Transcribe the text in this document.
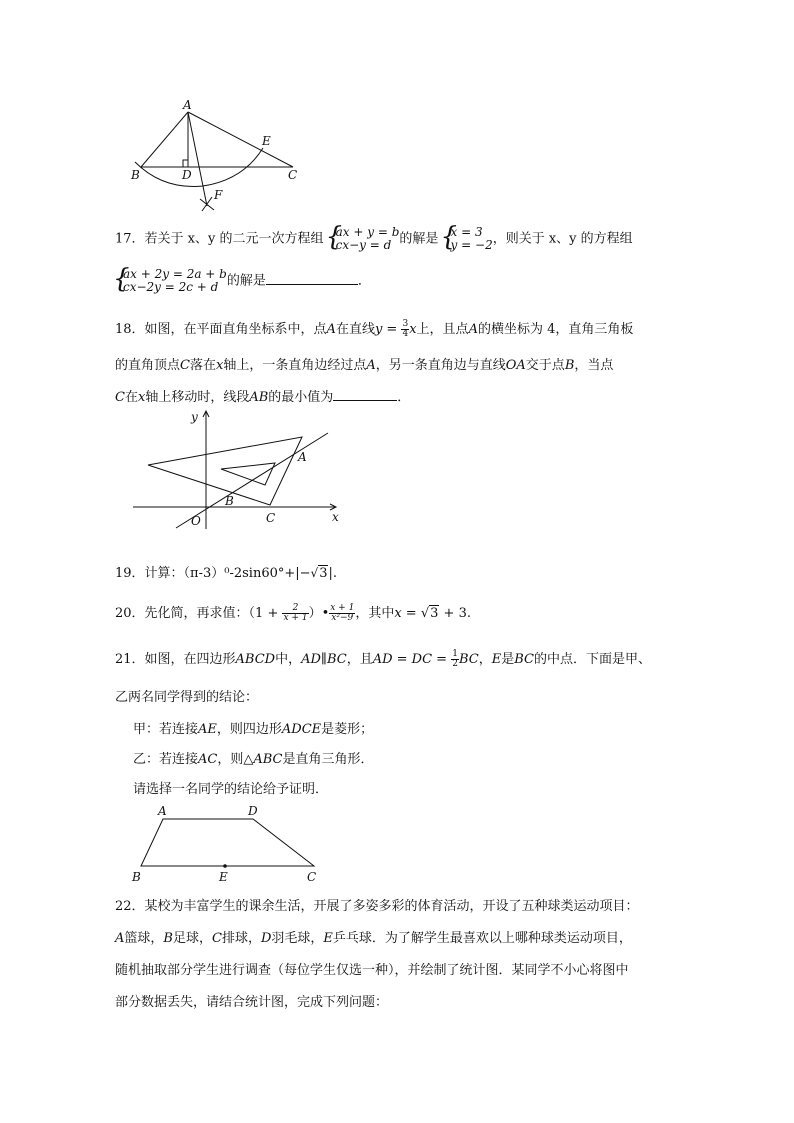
A
B	D	C
E
F
17．若关于 x、y 的二元一次方程组 { ax + y = b
cx−y = d 的解是 { x = 3
y = −2，则关于 x、y 的方程组
{ ax + 2y = 2a + b
cx−2y = 2c + d 的解是	．
18．如图，在平面直角坐标系中，点A在直线$y = \frac{3}{4}$ x上，且点A的横坐标为 4，直角三角板
的直角顶点C落在x轴上，一条直角边经过点A，另一条直角边与直线OA交于点B，当点
C在x轴上移动时，线段AB的最小值为	．
y
x
O
B
C
A
19．计算：（π-3）⁰-2sin60°+|−√3|.
20．先化简，再求值：（$1 + \frac{2}{x + 1}$ ）• $\frac{x + 1}{\text{x²−9}}$ ，其中x = √3 + 3.
21．如图，在四边形ABCD中，AD∥BC，且AD = DC = $\frac{1}{2}$ BC，E是BC的中点．下面是甲、
乙两名同学得到的结论：
甲：若连接AE，则四边形ADCE是菱形；
乙：若连接AC，则△ABC是直角三角形．
请选择一名同学的结论给予证明．
A	D
B	E	C
22．某校为丰富学生的课余生活，开展了多姿多彩的体育活动，开设了五种球类运动项目：
A篮球，B足球，C排球，D羽毛球，E乒乓球．为了解学生最喜欢以上哪种球类运动项目，
随机抽取部分学生进行调查（每位学生仅选一种），并绘制了统计图．某同学不小心将图中
部分数据丢失，请结合统计图，完成下列问题：
